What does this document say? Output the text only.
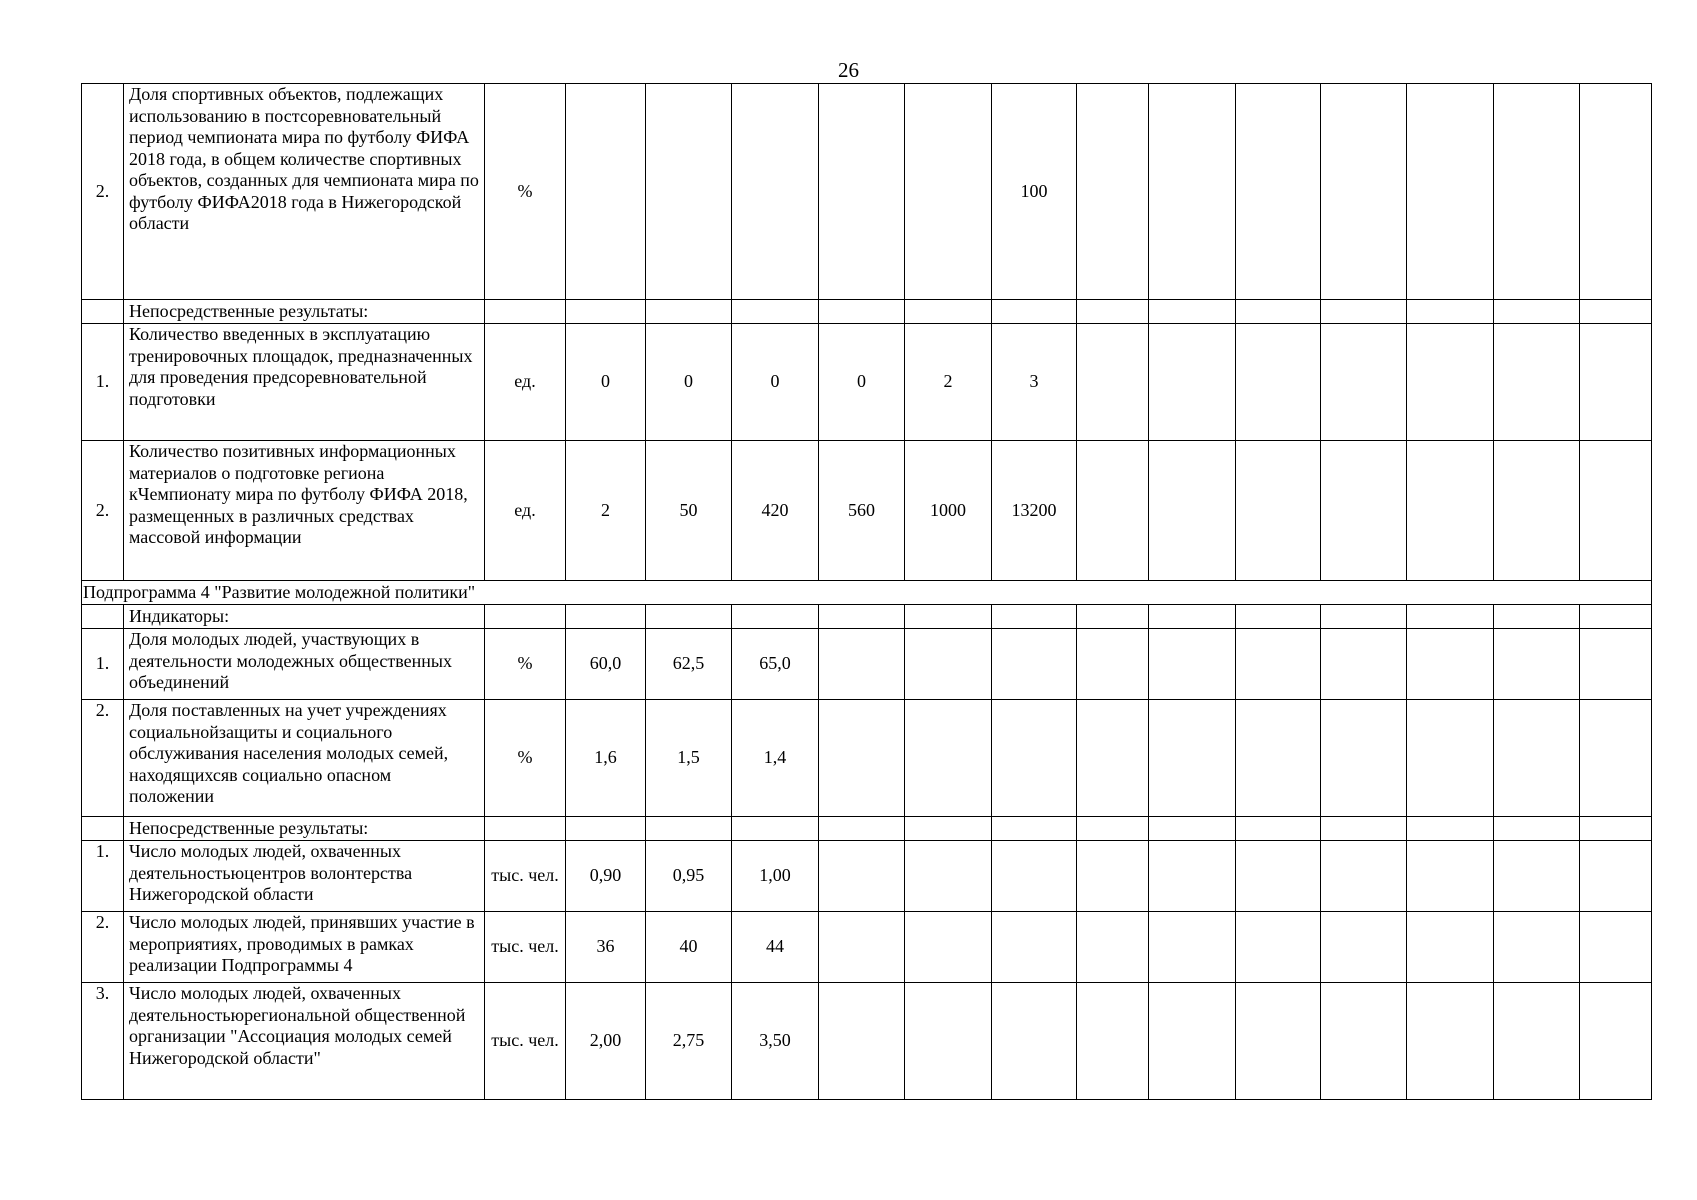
26
2.	Доля спортивных объектов, подлежащих использованию в постсоревновательный период чемпионата мира по футболу ФИФА 2018 года, в общем количестве спортивных объектов, созданных для чемпионата мира по футболу ФИФА2018 года в Нижегородской области	%						100								
	Непосредственные результаты:															
1.	Количество введенных в эксплуатацию тренировочных площадок, предназначенных для проведения предсоревновательной подготовки	ед.	0	0	0	0	2	3								
2.	Количество позитивных информационных материалов о подготовке региона кЧемпионату мира по футболу ФИФА 2018, размещенных в различных средствах массовой информации	ед.	2	50	420	560	1000	13200								
Подпрограмма 4 "Развитие молодежной политики"																
	Индикаторы:															
1.	Доля молодых людей, участвующих в деятельности молодежных общественных объединений	%	60,0	62,5	65,0											
2.	Доля поставленных на учет учреждениях социальнойзащиты и социального обслуживания населения молодых семей, находящихсяв социально опасном положении	%	1,6	1,5	1,4											
	Непосредственные результаты:															
1.	Число молодых людей, охваченных деятельностьюцентров волонтерства Нижегородской области	тыс. чел.	0,90	0,95	1,00											
2.	Число молодых людей, принявших участие в мероприятиях, проводимых в рамках реализации Подпрограммы 4	тыс. чел.	36	40	44											
3.	Число молодых людей, охваченных деятельностьюрегиональной общественной организации "Ассоциация молодых семей Нижегородской области"	тыс. чел.	2,00	2,75	3,50											
